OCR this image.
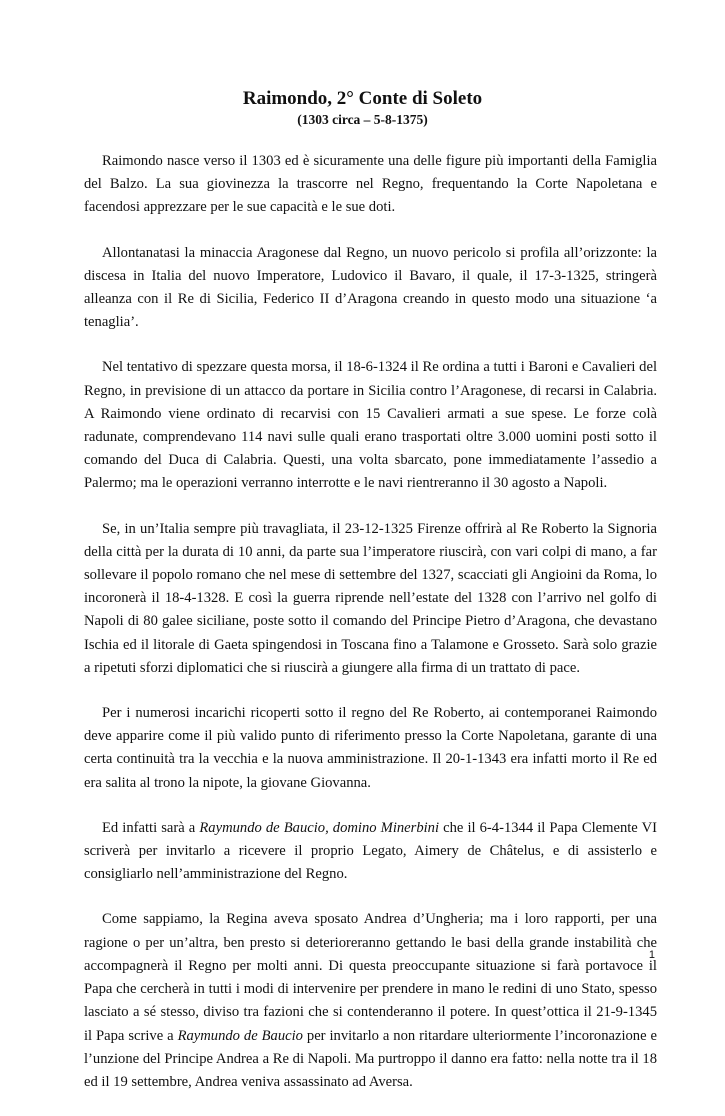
Raimondo, 2° Conte di Soleto
(1303 circa – 5-8-1375)

Raimondo nasce verso il 1303 ed è sicuramente una delle figure più importanti della Famiglia del Balzo. La sua giovinezza la trascorre nel Regno, frequentando la Corte Napoletana e facendosi apprezzare per le sue capacità e le sue doti.

Allontanatasi la minaccia Aragonese dal Regno, un nuovo pericolo si profila all’orizzonte: la discesa in Italia del nuovo Imperatore, Ludovico il Bavaro, il quale, il 17-3-1325, stringerà alleanza con il Re di Sicilia, Federico II d’Aragona creando in questo modo una situazione ‘a tenaglia’.

Nel tentativo di spezzare questa morsa, il 18-6-1324 il Re ordina a tutti i Baroni e Cavalieri del Regno, in previsione di un attacco da portare in Sicilia contro l’Aragonese, di recarsi in Calabria. A Raimondo viene ordinato di recarvisi con 15 Cavalieri armati a sue spese. Le forze colà radunate, comprendevano 114 navi sulle quali erano trasportati oltre 3.000 uomini posti sotto il comando del Duca di Calabria. Questi, una volta sbarcato, pone immediatamente l’assedio a Palermo; ma le operazioni verranno interrotte e le navi rientreranno il 30 agosto a Napoli.

Se, in un’Italia sempre più travagliata, il 23-12-1325 Firenze offrirà al Re Roberto la Signoria della città per la durata di 10 anni, da parte sua l’imperatore riuscirà, con vari colpi di mano, a far sollevare il popolo romano che nel mese di settembre del 1327, scacciati gli Angioini da Roma, lo incoronerà il 18-4-1328. E così la guerra riprende nell’estate del 1328 con l’arrivo nel golfo di Napoli di 80 galee siciliane, poste sotto il comando del Principe Pietro d’Aragona, che devastano Ischia ed il litorale di Gaeta spingendosi in Toscana fino a Talamone e Grosseto. Sarà solo grazie a ripetuti sforzi diplomatici che si riuscirà a giungere alla firma di un trattato di pace.

Per i numerosi incarichi ricoperti sotto il regno del Re Roberto, ai contemporanei Raimondo deve apparire come il più valido punto di riferimento presso la Corte Napoletana, garante di una certa continuità tra la vecchia e la nuova amministrazione. Il 20-1-1343 era infatti morto il Re ed era salita al trono la nipote, la giovane Giovanna.

Ed infatti sarà a Raymundo de Baucio, domino Minerbini che il 6-4-1344 il Papa Clemente VI scriverà per invitarlo a ricevere il proprio Legato, Aimery de Châtelus, e di assisterlo e consigliarlo nell’amministrazione del Regno.

Come sappiamo, la Regina aveva sposato Andrea d’Ungheria; ma i loro rapporti, per una ragione o per un’altra, ben presto si deterioreranno gettando le basi della grande instabilità che accompagnerà il Regno per molti anni. Di questa preoccupante situazione si farà portavoce il Papa che cercherà in tutti i modi di intervenire per prendere in mano le redini di uno Stato, spesso lasciato a sé stesso, diviso tra fazioni che si contenderanno il potere. In quest’ottica il 21-9-1345 il Papa scrive a Raymundo de Baucio per invitarlo a non ritardare ulteriormente l’incoronazione e l’unzione del Principe Andrea a Re di Napoli. Ma purtroppo il danno era fatto: nella notte tra il 18 ed il 19 settembre, Andrea veniva assassinato ad Aversa.

1
